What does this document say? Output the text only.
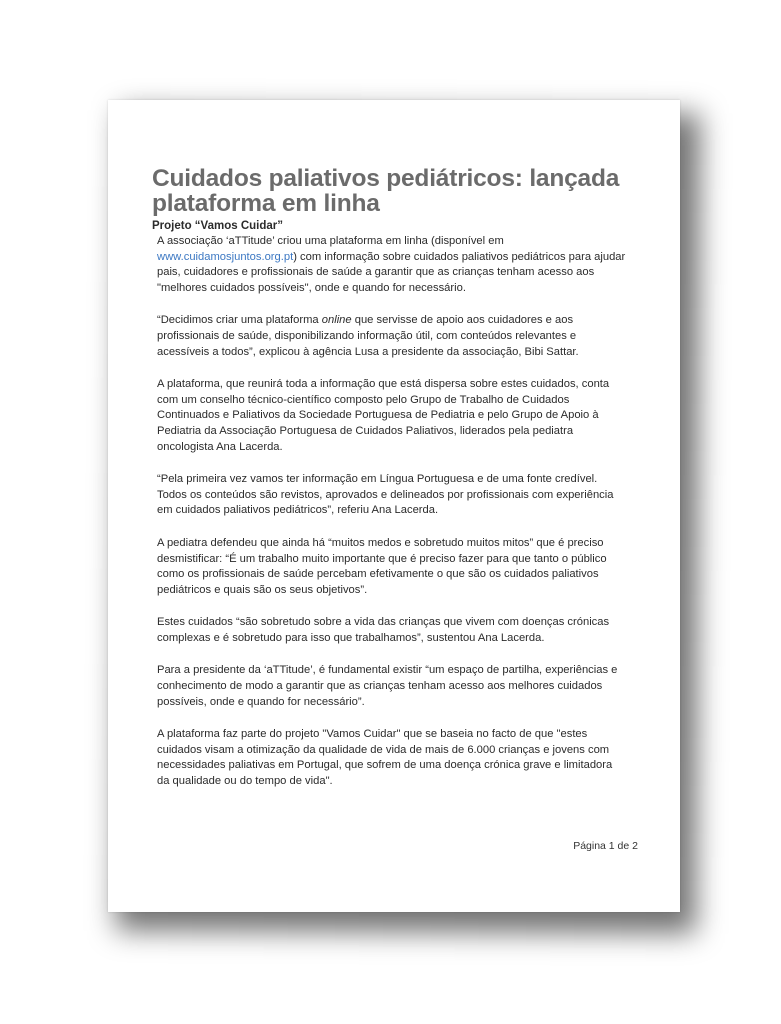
Cuidados paliativos pediátricos: lançada plataforma em linha
Projeto “Vamos Cuidar”

A associação ‘aTTitude’ criou uma plataforma em linha (disponível em www.cuidamosjuntos.org.pt) com informação sobre cuidados paliativos pediátricos para ajudar pais, cuidadores e profissionais de saúde a garantir que as crianças tenham acesso aos "melhores cuidados possíveis", onde e quando for necessário.

“Decidimos criar uma plataforma online que servisse de apoio aos cuidadores e aos profissionais de saúde, disponibilizando informação útil, com conteúdos relevantes e acessíveis a todos”, explicou à agência Lusa a presidente da associação, Bibi Sattar.

A plataforma, que reunirá toda a informação que está dispersa sobre estes cuidados, conta com um conselho técnico-científico composto pelo Grupo de Trabalho de Cuidados Continuados e Paliativos da Sociedade Portuguesa de Pediatria e pelo Grupo de Apoio à Pediatria da Associação Portuguesa de Cuidados Paliativos, liderados pela pediatra oncologista Ana Lacerda.

“Pela primeira vez vamos ter informação em Língua Portuguesa e de uma fonte credível. Todos os conteúdos são revistos, aprovados e delineados por profissionais com experiência em cuidados paliativos pediátricos”, referiu Ana Lacerda.

A pediatra defendeu que ainda há “muitos medos e sobretudo muitos mitos” que é preciso desmistificar: “É um trabalho muito importante que é preciso fazer para que tanto o público como os profissionais de saúde percebam efetivamente o que são os cuidados paliativos pediátricos e quais são os seus objetivos”.

Estes cuidados “são sobretudo sobre a vida das crianças que vivem com doenças crónicas complexas e é sobretudo para isso que trabalhamos”, sustentou Ana Lacerda.

Para a presidente da ‘aTTitude’, é fundamental existir “um espaço de partilha, experiências e conhecimento de modo a garantir que as crianças tenham acesso aos melhores cuidados possíveis, onde e quando for necessário”.

A plataforma faz parte do projeto "Vamos Cuidar" que se baseia no facto de que "estes cuidados visam a otimização da qualidade de vida de mais de 6.000 crianças e jovens com necessidades paliativas em Portugal, que sofrem de uma doença crónica grave e limitadora da qualidade ou do tempo de vida".

Página 1 de 2
